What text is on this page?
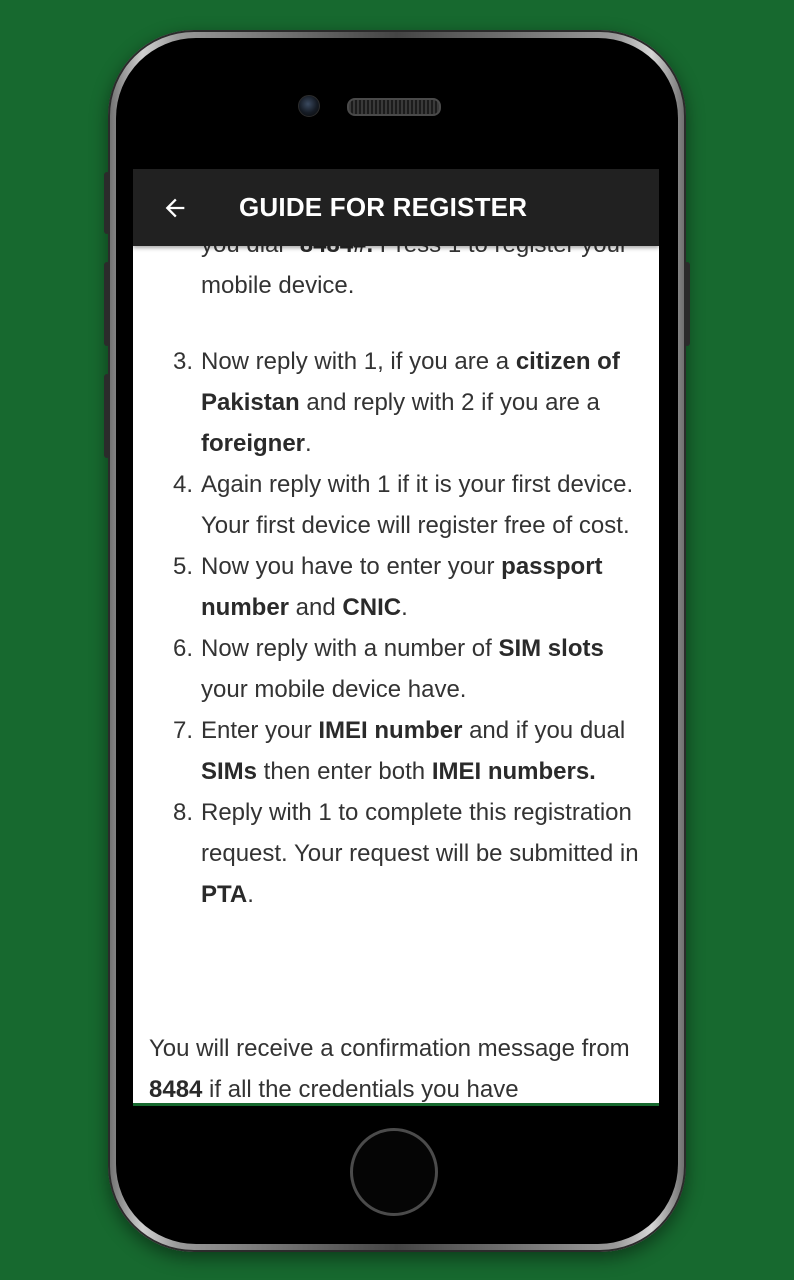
GUIDE FOR REGISTER
mobile device.
3. Now reply with 1, if you are a citizen of Pakistan and reply with 2 if you are a foreigner.
4. Again reply with 1 if it is your first device. Your first device will register free of cost.
5. Now you have to enter your passport number and CNIC.
6. Now reply with a number of SIM slots your mobile device have.
7. Enter your IMEI number and if you dual SIMs then enter both IMEI numbers.
8. Reply with 1 to complete this registration request. Your request will be submitted in PTA.
You will receive a confirmation message from 8484 if all the credentials you have
